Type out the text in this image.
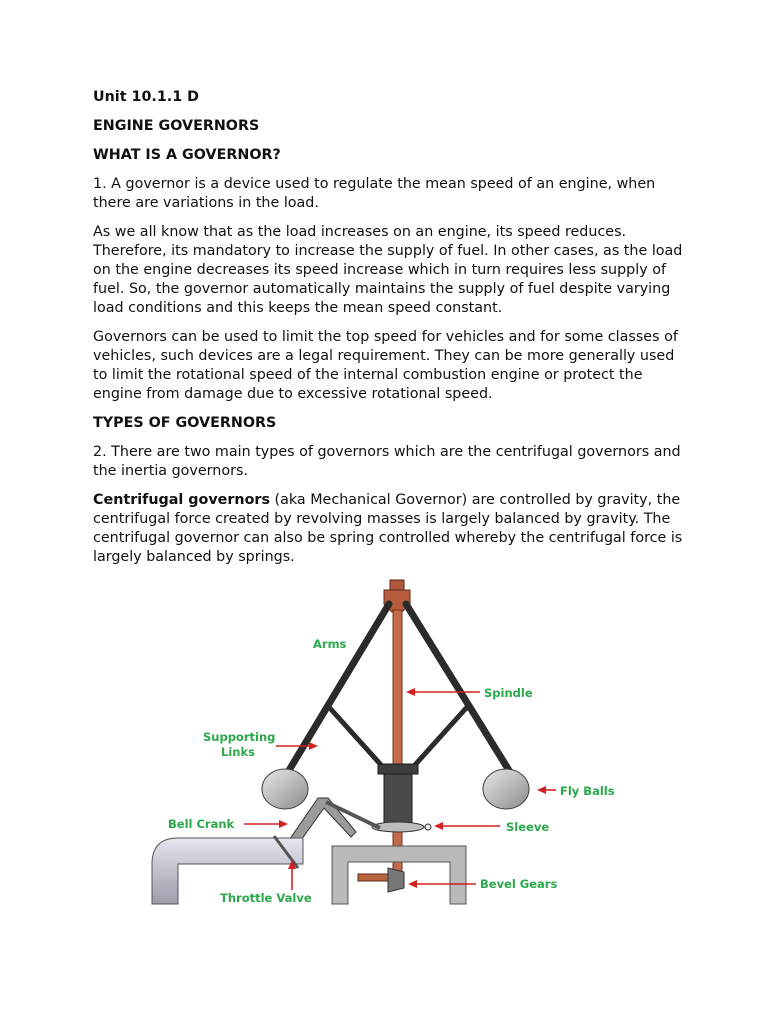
Unit 10.1.1 D

ENGINE GOVERNORS

WHAT IS A GOVERNOR?

1. A governor is a device used to regulate the mean speed of an engine, when there are variations in the load.

As we all know that as the load increases on an engine, its speed reduces. Therefore, its mandatory to increase the supply of fuel. In other cases, as the load on the engine decreases its speed increase which in turn requires less supply of fuel. So, the governor automatically maintains the supply of fuel despite varying load conditions and this keeps the mean speed constant.

Governors can be used to limit the top speed for vehicles and for some classes of vehicles, such devices are a legal requirement. They can be more generally used to limit the rotational speed of the internal combustion engine or protect the engine from damage due to excessive rotational speed.

TYPES OF GOVERNORS

2. There are two main types of governors which are the centrifugal governors and the inertia governors.

Centrifugal governors (aka Mechanical Governor) are controlled by gravity, the centrifugal force created by revolving masses is largely balanced by gravity. The centrifugal governor can also be spring controlled whereby the centrifugal force is largely balanced by springs.

Arms
Spindle
Supporting
Links
Fly Balls
Bell Crank	Sleeve
Bevel Gears
Throttle Valve
